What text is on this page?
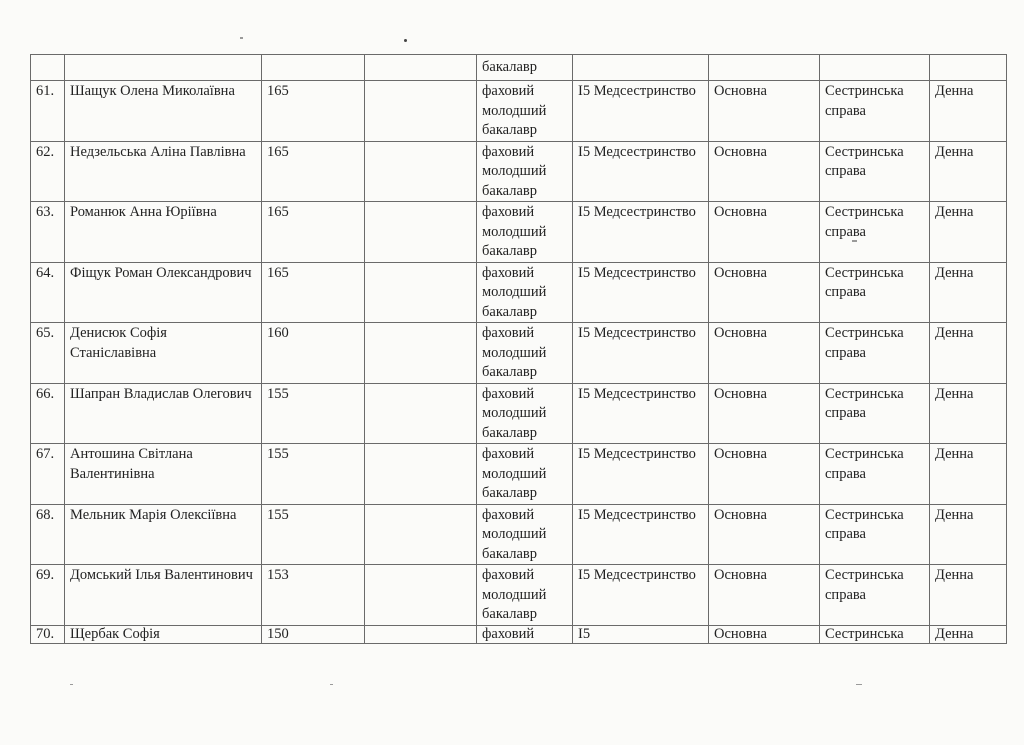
				бакалавр				
61.	Шащук Олена Миколаївна	165		фаховий молодший бакалавр	I5 Медсестринство	Основна	Сестринська справа	Денна
62.	Недзельська Аліна Павлівна	165		фаховий молодший бакалавр	I5 Медсестринство	Основна	Сестринська справа	Денна
63.	Романюк Анна Юріївна	165		фаховий молодший бакалавр	I5 Медсестринство	Основна	Сестринська справа	Денна
64.	Фіщук Роман Олександрович	165		фаховий молодший бакалавр	I5 Медсестринство	Основна	Сестринська справа	Денна
65.	Денисюк Софія Станіславівна	160		фаховий молодший бакалавр	I5 Медсестринство	Основна	Сестринська справа	Денна
66.	Шапран Владислав Олегович	155		фаховий молодший бакалавр	I5 Медсестринство	Основна	Сестринська справа	Денна
67.	Антошина Світлана Валентинівна	155		фаховий молодший бакалавр	I5 Медсестринство	Основна	Сестринська справа	Денна
68.	Мельник Марія Олексіївна	155		фаховий молодший бакалавр	I5 Медсестринство	Основна	Сестринська справа	Денна
69.	Домський Ілья Валентинович	153		фаховий молодший бакалавр	I5 Медсестринство	Основна	Сестринська справа	Денна
70.	Щербак Софія	150		фаховий	I5	Основна	Сестринська	Денна
